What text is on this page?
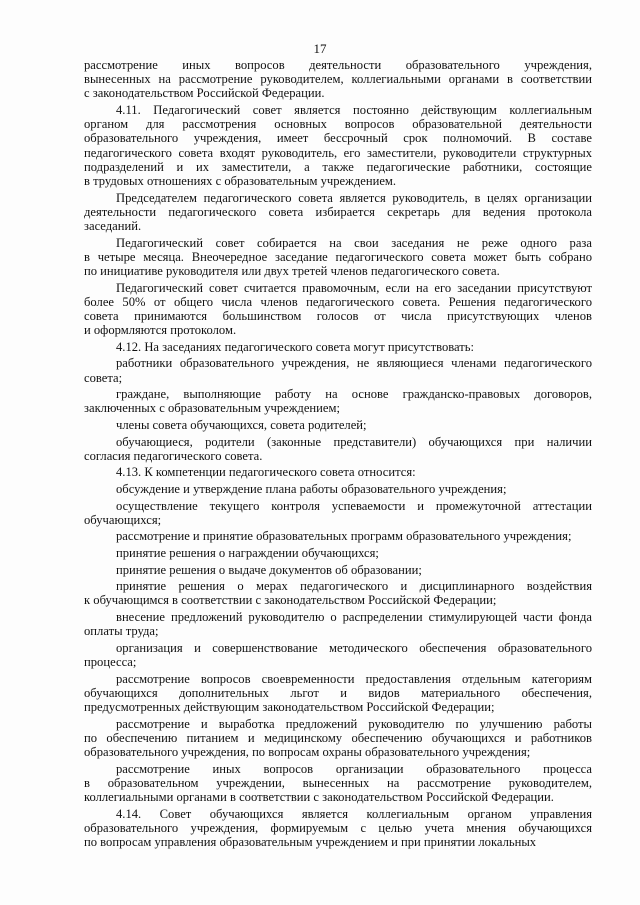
17
рассмотрение иных вопросов деятельности образовательного учреждения,
вынесенных на рассмотрение руководителем, коллегиальными органами в соответствии
с законодательством Российской Федерации.
4.11. Педагогический совет является постоянно действующим коллегиальным
органом для рассмотрения основных вопросов образовательной деятельности
образовательного учреждения, имеет бессрочный срок полномочий. В составе
педагогического совета входят руководитель, его заместители, руководители структурных
подразделений и их заместители, а также педагогические работники, состоящие
в трудовых отношениях с образовательным учреждением.
Председателем педагогического совета является руководитель, в целях организации
деятельности педагогического совета избирается секретарь для ведения протокола
заседаний.
Педагогический совет собирается на свои заседания не реже одного раза
в четыре месяца. Внеочередное заседание педагогического совета может быть собрано
по инициативе руководителя или двух третей членов педагогического совета.
Педагогический совет считается правомочным, если на его заседании присутствуют
более 50% от общего числа членов педагогического совета. Решения педагогического
совета принимаются большинством голосов от числа присутствующих членов
и оформляются протоколом.
4.12. На заседаниях педагогического совета могут присутствовать:
работники образовательного учреждения, не являющиеся членами педагогического
совета;
граждане, выполняющие работу на основе гражданско-правовых договоров,
заключенных с образовательным учреждением;
члены совета обучающихся, совета родителей;
обучающиеся, родители (законные представители) обучающихся при наличии
согласия педагогического совета.
4.13. К компетенции педагогического совета относится:
обсуждение и утверждение плана работы образовательного учреждения;
осуществление текущего контроля успеваемости и промежуточной аттестации
обучающихся;
рассмотрение и принятие образовательных программ образовательного учреждения;
принятие решения о награждении обучающихся;
принятие решения о выдаче документов об образовании;
принятие решения о мерах педагогического и дисциплинарного воздействия
к обучающимся в соответствии с законодательством Российской Федерации;
внесение предложений руководителю о распределении стимулирующей части фонда
оплаты труда;
организация и совершенствование методического обеспечения образовательного
процесса;
рассмотрение вопросов своевременности предоставления отдельным категориям
обучающихся дополнительных льгот и видов материального обеспечения,
предусмотренных действующим законодательством Российской Федерации;
рассмотрение и выработка предложений руководителю по улучшению работы
по обеспечению питанием и медицинскому обеспечению обучающихся и работников
образовательного учреждения, по вопросам охраны образовательного учреждения;
рассмотрение иных вопросов организации образовательного процесса
в образовательном учреждении, вынесенных на рассмотрение руководителем,
коллегиальными органами в соответствии с законодательством Российской Федерации.
4.14. Совет обучающихся является коллегиальным органом управления
образовательного учреждения, формируемым с целью учета мнения обучающихся
по вопросам управления образовательным учреждением и при принятии локальных
